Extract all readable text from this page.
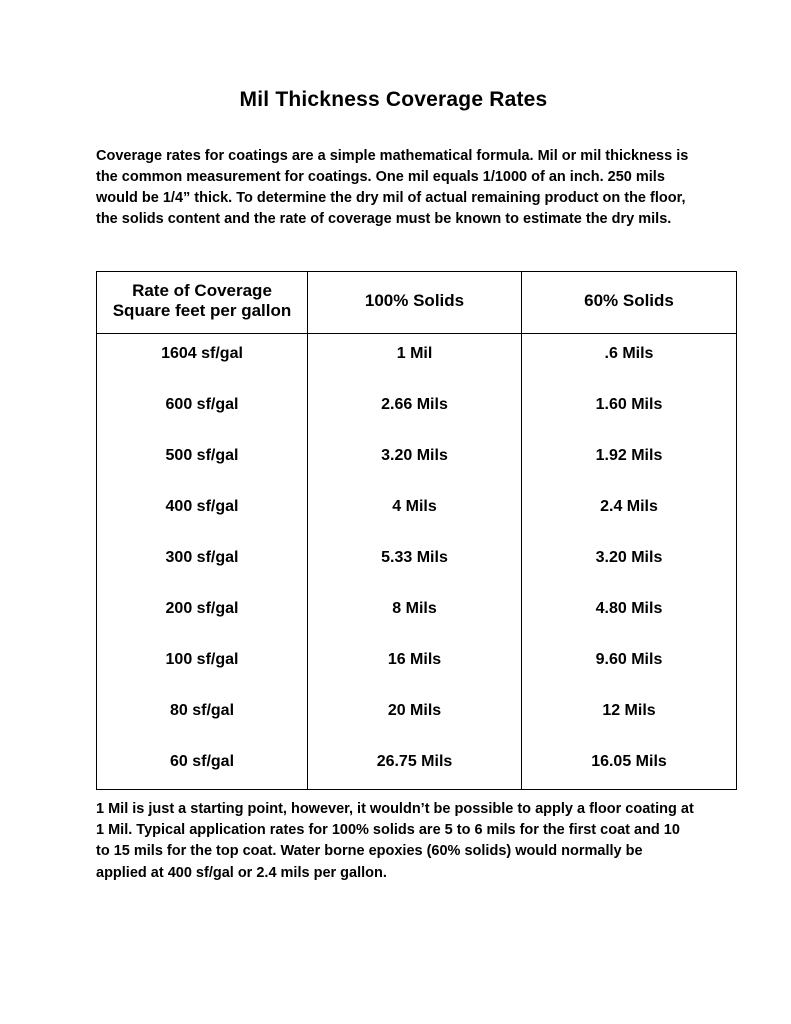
Mil Thickness Coverage Rates

Coverage rates for coatings are a simple mathematical formula. Mil or mil thickness is the common measurement for coatings. One mil equals 1/1000 of an inch. 250 mils would be 1/4” thick. To determine the dry mil of actual remaining product on the floor, the solids content and the rate of coverage must be known to estimate the dry mils.

Rate of Coverage Square feet per gallon	100% Solids	60% Solids
1604 sf/gal	1 Mil	.6 Mils
600 sf/gal	2.66 Mils	1.60 Mils
500 sf/gal	3.20 Mils	1.92 Mils
400 sf/gal	4 Mils	2.4 Mils
300 sf/gal	5.33 Mils	3.20 Mils
200 sf/gal	8 Mils	4.80 Mils
100 sf/gal	16 Mils	9.60 Mils
80 sf/gal	20 Mils	12 Mils
60 sf/gal	26.75 Mils	16.05 Mils

1 Mil is just a starting point, however, it wouldn’t be possible to apply a floor coating at 1 Mil. Typical application rates for 100% solids are 5 to 6 mils for the first coat and 10 to 15 mils for the top coat. Water borne epoxies (60% solids) would normally be applied at 400 sf/gal or 2.4 mils per gallon.
